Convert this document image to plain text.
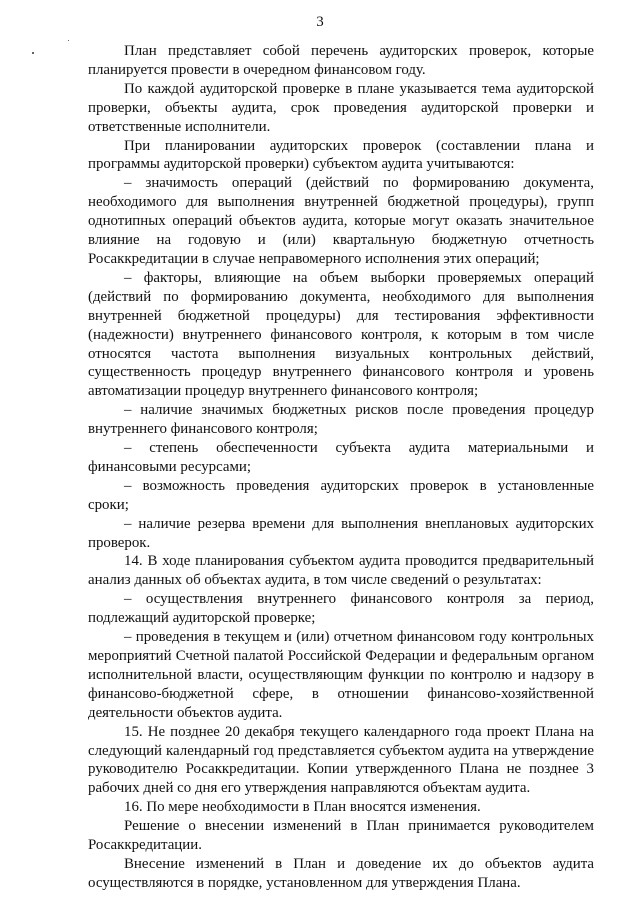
3

План представляет собой перечень аудиторских проверок, которые планируется провести в очередном финансовом году.

По каждой аудиторской проверке в плане указывается тема аудиторской проверки, объекты аудита, срок проведения аудиторской проверки и ответственные исполнители.

При планировании аудиторских проверок (составлении плана и программы аудиторской проверки) субъектом аудита учитываются:

– значимость операций (действий по формированию документа, необходимого для выполнения внутренней бюджетной процедуры), групп однотипных операций объектов аудита, которые могут оказать значительное влияние на годовую и (или) квартальную бюджетную отчетность Росаккредитации в случае неправомерного исполнения этих операций;

– факторы, влияющие на объем выборки проверяемых операций (действий по формированию документа, необходимого для выполнения внутренней бюджетной процедуры) для тестирования эффективности (надежности) внутреннего финансового контроля, к которым в том числе относятся частота выполнения визуальных контрольных действий, существенность процедур внутреннего финансового контроля и уровень автоматизации процедур внутреннего финансового контроля;

– наличие значимых бюджетных рисков после проведения процедур внутреннего финансового контроля;

– степень обеспеченности субъекта аудита материальными и финансовыми ресурсами;

– возможность проведения аудиторских проверок в установленные сроки;

– наличие резерва времени для выполнения внеплановых аудиторских проверок.

14. В ходе планирования субъектом аудита проводится предварительный анализ данных об объектах аудита, в том числе сведений о результатах:

– осуществления внутреннего финансового контроля за период, подлежащий аудиторской проверке;

– проведения в текущем и (или) отчетном финансовом году контрольных мероприятий Счетной палатой Российской Федерации и федеральным органом исполнительной власти, осуществляющим функции по контролю и надзору в финансово-бюджетной сфере, в отношении финансово-хозяйственной деятельности объектов аудита.

15. Не позднее 20 декабря текущего календарного года проект Плана на следующий календарный год представляется субъектом аудита на утверждение руководителю Росаккредитации. Копии утвержденного Плана не позднее 3 рабочих дней со дня его утверждения направляются объектам аудита.

16. По мере необходимости в План вносятся изменения.

Решение о внесении изменений в План принимается руководителем Росаккредитации.

Внесение изменений в План и доведение их до объектов аудита осуществляются в порядке, установленном для утверждения Плана.
